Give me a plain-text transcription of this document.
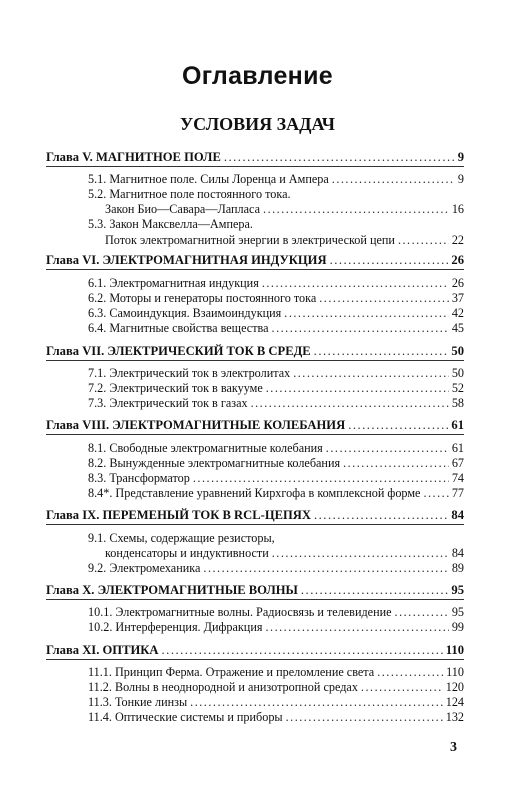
Оглавление
УСЛОВИЯ ЗАДАЧ
Глава V. МАГНИТНОЕ ПОЛЕ .....	9
5.1. Магнитное поле. Силы Лоренца и Ампера .....	9
5.2. Магнитное поле постоянного тока.
Закон Био—Савара—Лапласа .....	16
5.3. Закон Максвелла—Ампера.
Поток электромагнитной энергии в электрической цепи .....	22
Глава VI. ЭЛЕКТРОМАГНИТНАЯ ИНДУКЦИЯ .....	26
6.1. Электромагнитная индукция .....	26
6.2. Моторы и генераторы постоянного тока .....	37
6.3. Самоиндукция. Взаимоиндукция .....	42
6.4. Магнитные свойства вещества .....	45
Глава VII. ЭЛЕКТРИЧЕСКИЙ ТОК В СРЕДЕ .....	50
7.1. Электрический ток в электролитах .....	50
7.2. Электрический ток в вакууме .....	52
7.3. Электрический ток в газах .....	58
Глава VIII. ЭЛЕКТРОМАГНИТНЫЕ КОЛЕБАНИЯ .....	61
8.1. Свободные электромагнитные колебания .....	61
8.2. Вынужденные электромагнитные колебания .....	67
8.3. Трансформатор .....	74
8.4*. Представление уравнений Кирхгофа в комплексной форме .....	77
Глава IX. ПЕРЕМЕНЫЙ ТОК В RCL-ЦЕПЯХ .....	84
9.1. Схемы, содержащие резисторы,
конденсаторы и индуктивности .....	84
9.2. Электромеханика .....	89
Глава X. ЭЛЕКТРОМАГНИТНЫЕ ВОЛНЫ .....	95
10.1. Электромагнитные волны. Радиосвязь и телевидение .....	95
10.2. Интерференция. Дифракция .....	99
Глава XI. ОПТИКА .....	110
11.1. Принцип Ферма. Отражение и преломление света .....	110
11.2. Волны в неоднородной и анизотропной средах .....	120
11.3. Тонкие линзы .....	124
11.4. Оптические системы и приборы .....	132
3
